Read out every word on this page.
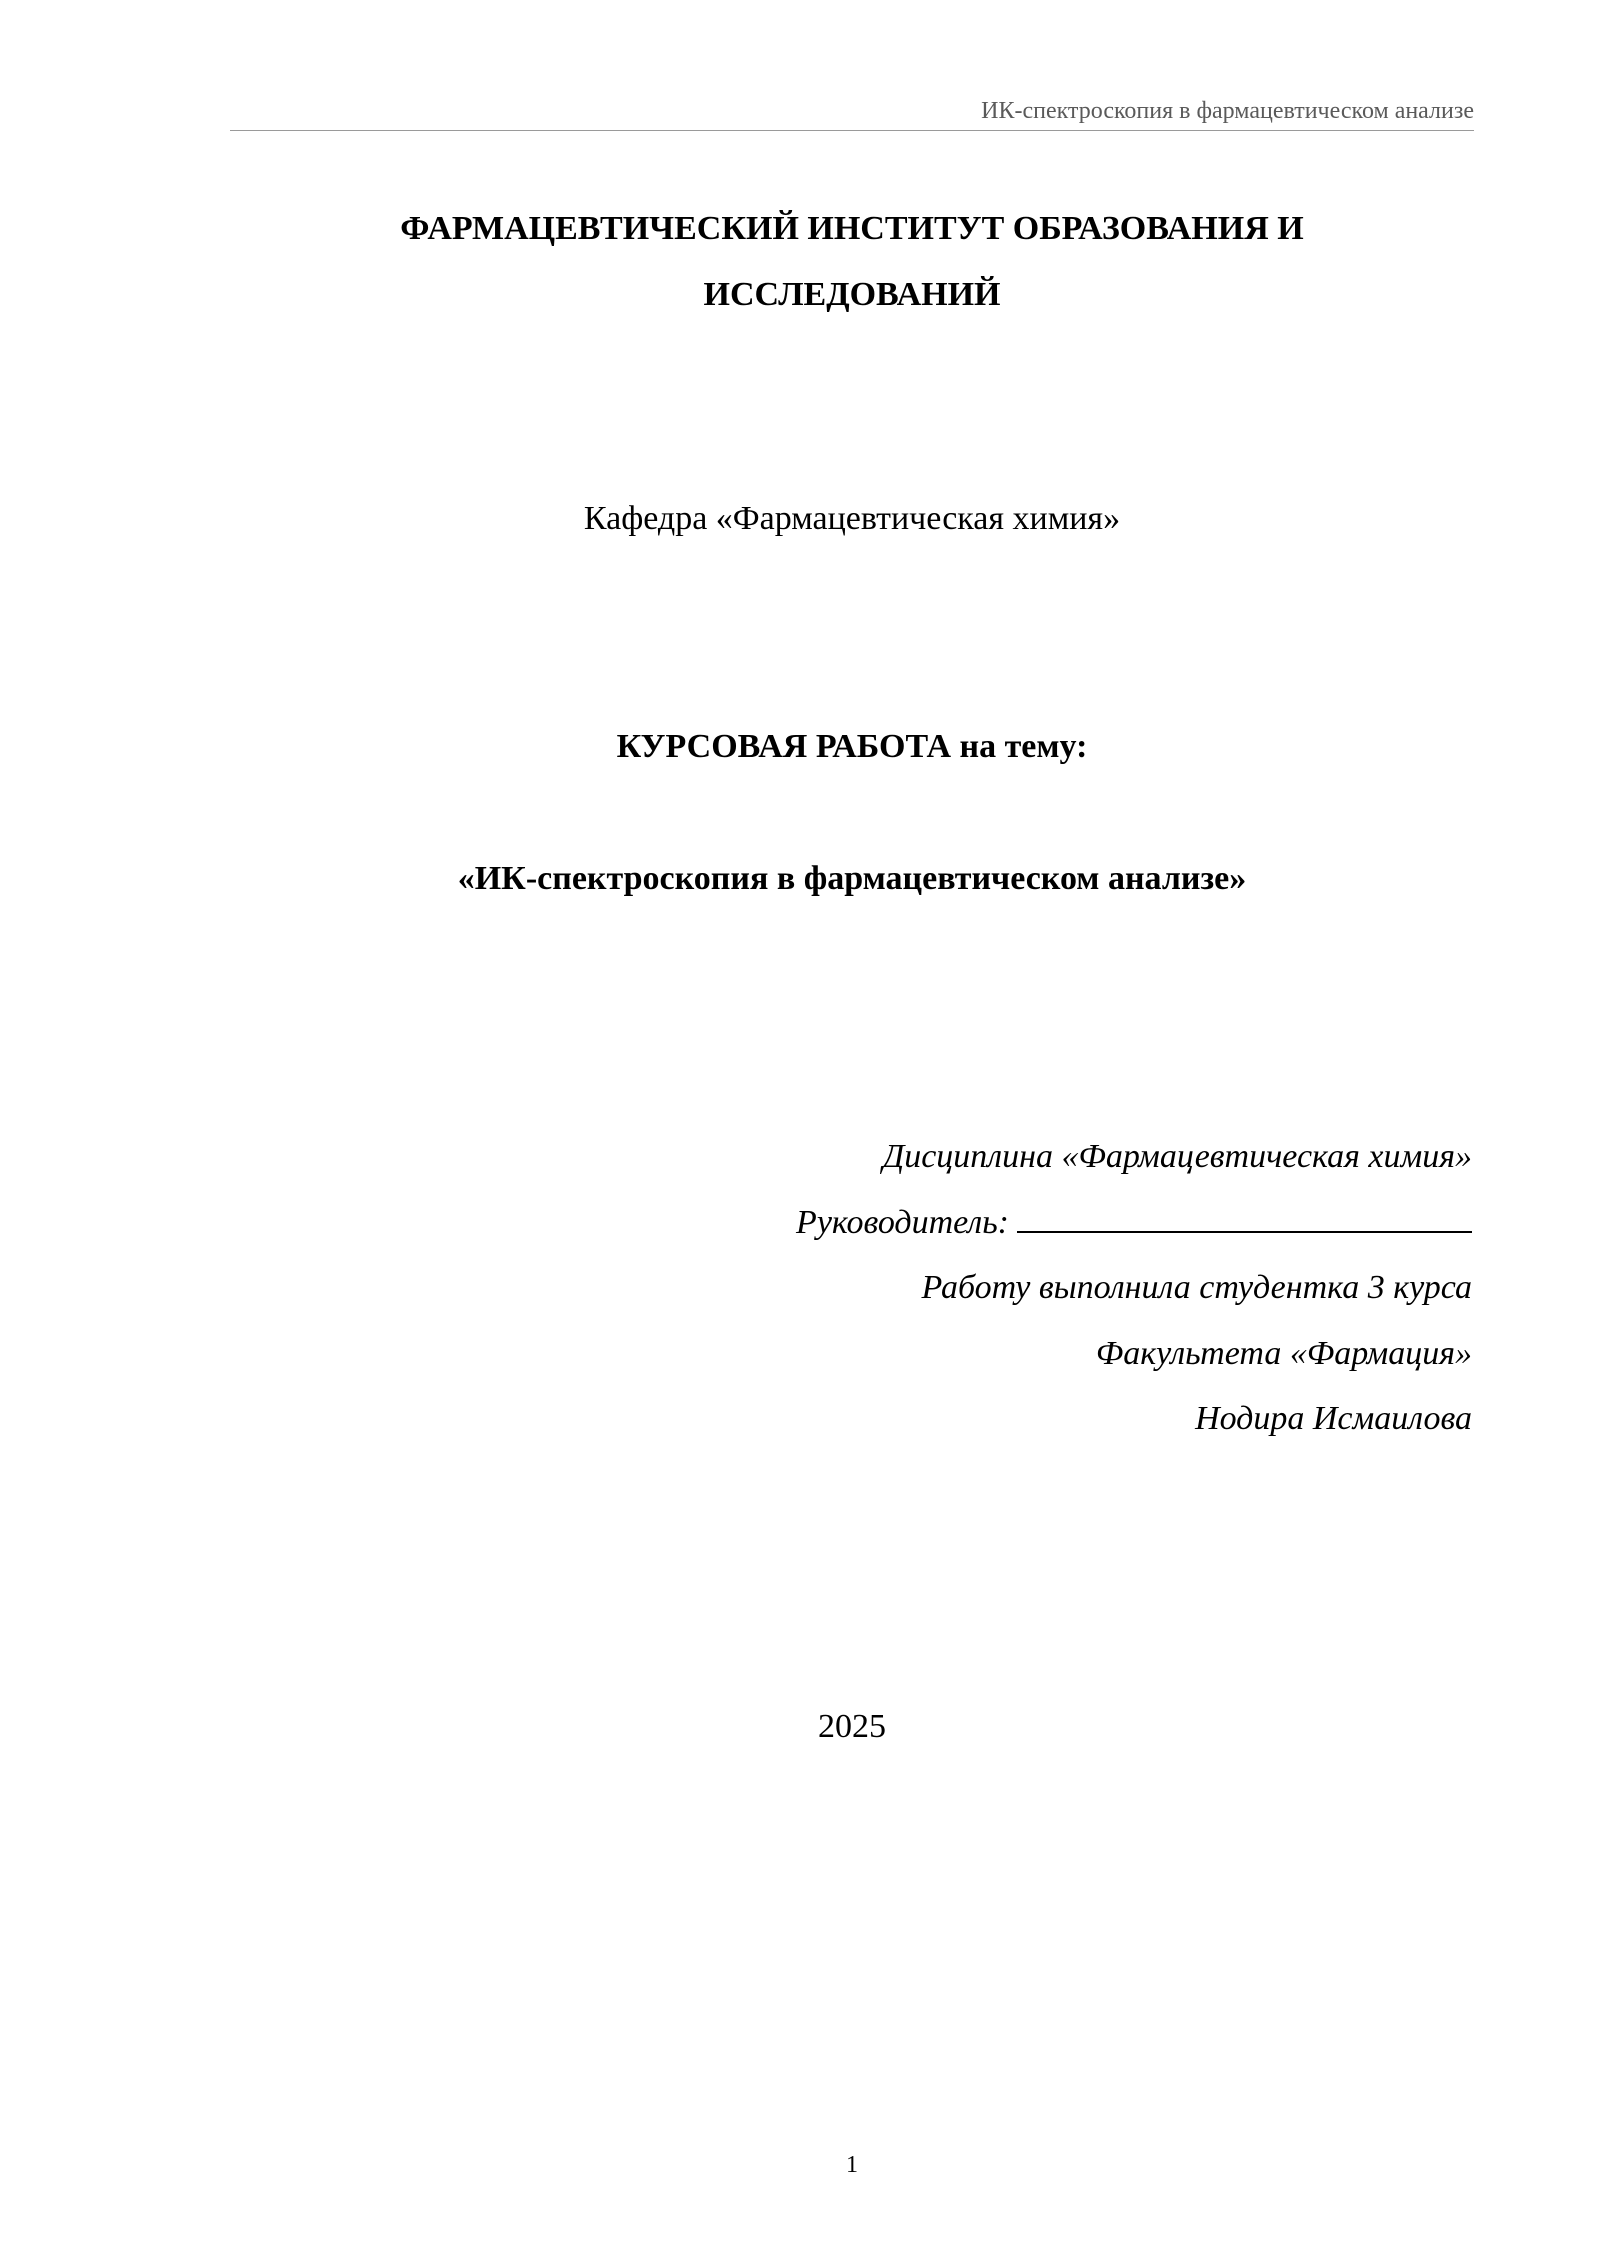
ИК-спектроскопия в фармацевтическом анализе
ФАРМАЦЕВТИЧЕСКИЙ ИНСТИТУТ ОБРАЗОВАНИЯ И
ИССЛЕДОВАНИЙ
Кафедра «Фармацевтическая химия»
КУРСОВАЯ РАБОТА на тему:
«ИК-спектроскопия в фармацевтическом анализе»
Дисциплина «Фармацевтическая химия»
Руководитель:
Работу выполнила студентка 3 курса
Факультета «Фармация»
Нодира Исмаилова
2025
1
